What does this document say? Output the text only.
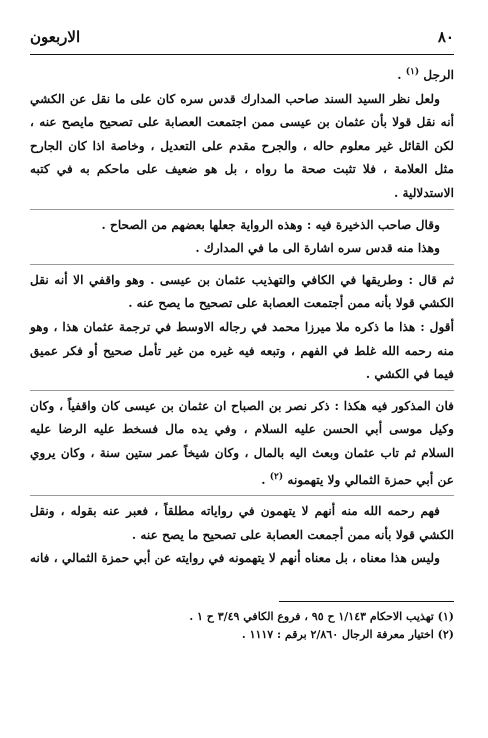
٨٠
الاربعون

الرجل $^{(١)}$ .

ولعل نظر السيد السند صاحب المدارك قدس سره كان على ما نقل عن الكشي أنه نقل قولا بأن عثمان بن عيسى ممن اجتمعت العصابة على تصحيح مايصح عنه ، لكن القائل غير معلوم حاله ، والجرح مقدم على التعديل ، وخاصة اذا كان الجارح مثل العلامة ، فلا تثبت صحة ما رواه ، بل هو ضعيف على ماحكم به في كتبه الاستدلالية .

وقال صاحب الذخيرة فيه : وهذه الرواية جعلها بعضهم من الصحاح .

وهذا منه قدس سره اشارة الى ما في المدارك .

ثم قال : وطريقها في الكافي والتهذيب عثمان بن عيسى . وهو واقفي الا أنه نقل الكشي قولا بأنه ممن أجتمعت العصابة على تصحيح ما يصح عنه .

أقول : هذا ما ذكره ملا ميرزا محمد في رجاله الاوسط في ترجمة عثمان هذا ، وهو منه رحمه الله غلط في الفهم ، وتبعه فيه غيره من غير تأمل صحيح أو فكر عميق فيما في الكشي .

فان المذكور فيه هكذا : ذكر نصر بن الصباح ان عثمان بن عيسى كان واقفياً ، وكان وكيل موسى أبي الحسن عليه السلام ، وفي يده مال فسخط عليه الرضا عليه السلام ثم تاب عثمان وبعث اليه بالمال ، وكان شيخاً عمر ستين سنة ، وكان يروي عن أبي حمزة الثمالي ولا يتهمونه $^{(٢)}$ .

فهم رحمه الله منه أنهم لا يتهمون في رواياته مطلقاً ، فعبر عنه بقوله ، ونقل الكشي قولا بأنه ممن أجمعت العصابة على تصحيح ما يصح عنه .

وليس هذا معناه ، بل معناه أنهم لا يتهمونه في روايته عن أبي حمزة الثمالي ، فانه

(١) تهذيب الاحكام ١/١٤٣ ح ٩٥ ، فروع الكافي ٣/٤٩ ح ١ .
(٢) اختيار معرفة الرجال ٢/٨٦٠ برقم : ١١١٧ .
